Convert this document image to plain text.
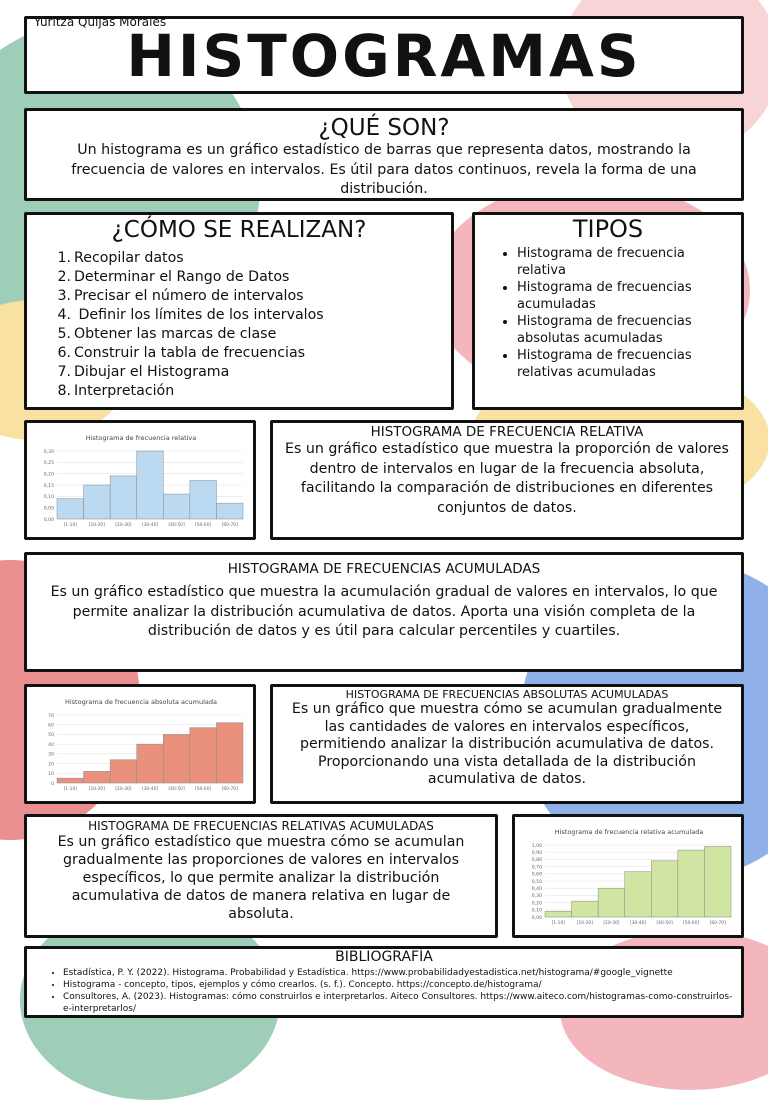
Yuritza Quijas Morales
HISTOGRAMAS

¿QUÉ SON?

Un histograma es un gráfico estadístico de barras que representa datos, mostrando la frecuencia de valores en intervalos. Es útil para datos continuos, revela la forma de una distribución.

¿CÓMO SE REALIZAN?

1. Recopilar datos
2. Determinar el Rango de Datos
3. Precisar el número de intervalos
4. Definir los límites de los intervalos
5. Obtener las marcas de clase
6. Construir la tabla de frecuencias
7. Dibujar el Histograma
8. Interpretación

TIPOS

• Histograma de frecuencia relativa
• Histograma de frecuencias acumuladas
• Histograma de frecuencias absolutas acumuladas
• Histograma de frecuencias relativas acumuladas
Histograma de frecuencia relativa
0,00
0,05
0,10
0,15
0,20
0,25
0,30
[1-10]	[10-20] [20-30] [30-40] [40-50] [50-60] [60-70]

HISTOGRAMA DE FRECUENCIA RELATIVA

Es un gráfico estadístico que muestra la proporción de valores dentro de intervalos en lugar de la frecuencia absoluta, facilitando la comparación de distribuciones en diferentes conjuntos de datos.

HISTOGRAMA DE FRECUENCIAS ACUMULADAS

Es un gráfico estadístico que muestra la acumulación gradual de valores en intervalos, lo que permite analizar la distribución acumulativa de datos. Aporta una visión completa de la distribución de datos y es útil para calcular percentiles y cuartiles.

Histograma de frecuencia absoluta acumulada
0
10
20
30
40
50
60
70
[1-10]	[10-20] [20-30] [30-40] [40-50] [50-60] [60-70]

HISTOGRAMA DE FRECUENCIAS ABSOLUTAS ACUMULADAS

Es un gráfico que muestra cómo se acumulan gradualmente las cantidades de valores en intervalos específicos, permitiendo analizar la distribución acumulativa de datos. Proporcionando una vista detallada de la distribución acumulativa de datos.

HISTOGRAMA DE FRECUENCIAS RELATIVAS ACUMULADAS

Es un gráfico estadístico que muestra cómo se acumulan gradualmente las proporciones de valores en intervalos específicos, lo que permite analizar la distribución acumulativa de datos de manera relativa en lugar de absoluta.

Histograma de frecuencia relativa acumulada
0,00
0,10
0,20
0,30
0,40
0,50
0,60
0,70
0,80
0,90
1,00
[1-10]	[10-20] [20-30] [30-40] [40-50] [50-60] [60-70]

BIBLIOGRAFÍA

• Estadística, P. Y. (2022). Histograma. Probabilidad y Estadística. https://www.probabilidadyestadistica.net/histograma/#google_vignette
• Histograma - concepto, tipos, ejemplos y cómo crearlos. (s. f.). Concepto. https://concepto.de/histograma/
• Consultores, A. (2023). Histogramas: cómo construirlos e interpretarlos. Aiteco Consultores. https://www.aiteco.com/histogramas-como-construirlos-e-interpretarlos/
